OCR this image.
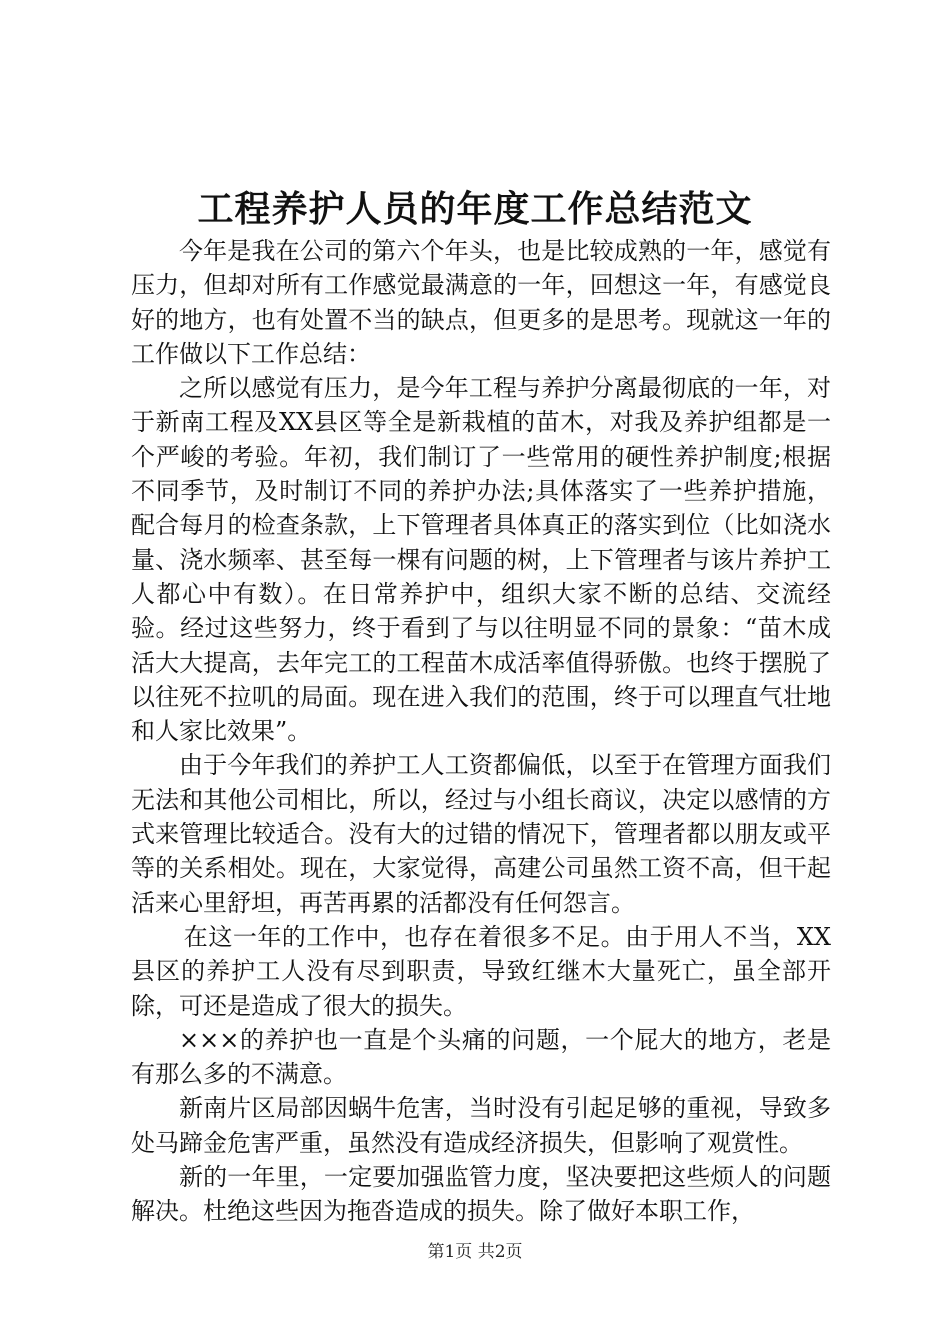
工程养护人员的年度工作总结范文

今年是我在公司的第六个年头，也是比较成熟的一年，感觉有压力，但却对所有工作感觉最满意的一年，回想这一年，有感觉良好的地方，也有处置不当的缺点，但更多的是思考。现就这一年的工作做以下工作总结：

之所以感觉有压力，是今年工程与养护分离最彻底的一年，对于新南工程及XX县区等全是新栽植的苗木，对我及养护组都是一个严峻的考验。年初，我们制订了一些常用的硬性养护制度;根据不同季节，及时制订不同的养护办法;具体落实了一些养护措施，配合每月的检查条款，上下管理者具体真正的落实到位（比如浇水量、浇水频率、甚至每一棵有问题的树，上下管理者与该片养护工人都心中有数）。在日常养护中，组织大家不断的总结、交流经验。经过这些努力，终于看到了与以往明显不同的景象：“苗木成活大大提高，去年完工的工程苗木成活率值得骄傲。也终于摆脱了以往死不拉叽的局面。现在进入我们的范围，终于可以理直气壮地和人家比效果”。

由于今年我们的养护工人工资都偏低，以至于在管理方面我们无法和其他公司相比，所以，经过与小组长商议，决定以感情的方式来管理比较适合。没有大的过错的情况下，管理者都以朋友或平等的关系相处。现在，大家觉得，高建公司虽然工资不高，但干起活来心里舒坦，再苦再累的活都没有任何怨言。

在这一年的工作中，也存在着很多不足。由于用人不当，XX县区的养护工人没有尽到职责，导致红继木大量死亡，虽全部开除，可还是造成了很大的损失。

×××的养护也一直是个头痛的问题，一个屁大的地方，老是有那么多的不满意。

新南片区局部因蜗牛危害，当时没有引起足够的重视，导致多处马蹄金危害严重，虽然没有造成经济损失，但影响了观赏性。

新的一年里，一定要加强监管力度，坚决要把这些烦人的问题解决。杜绝这些因为拖沓造成的损失。除了做好本职工作，

第1页 共2页
